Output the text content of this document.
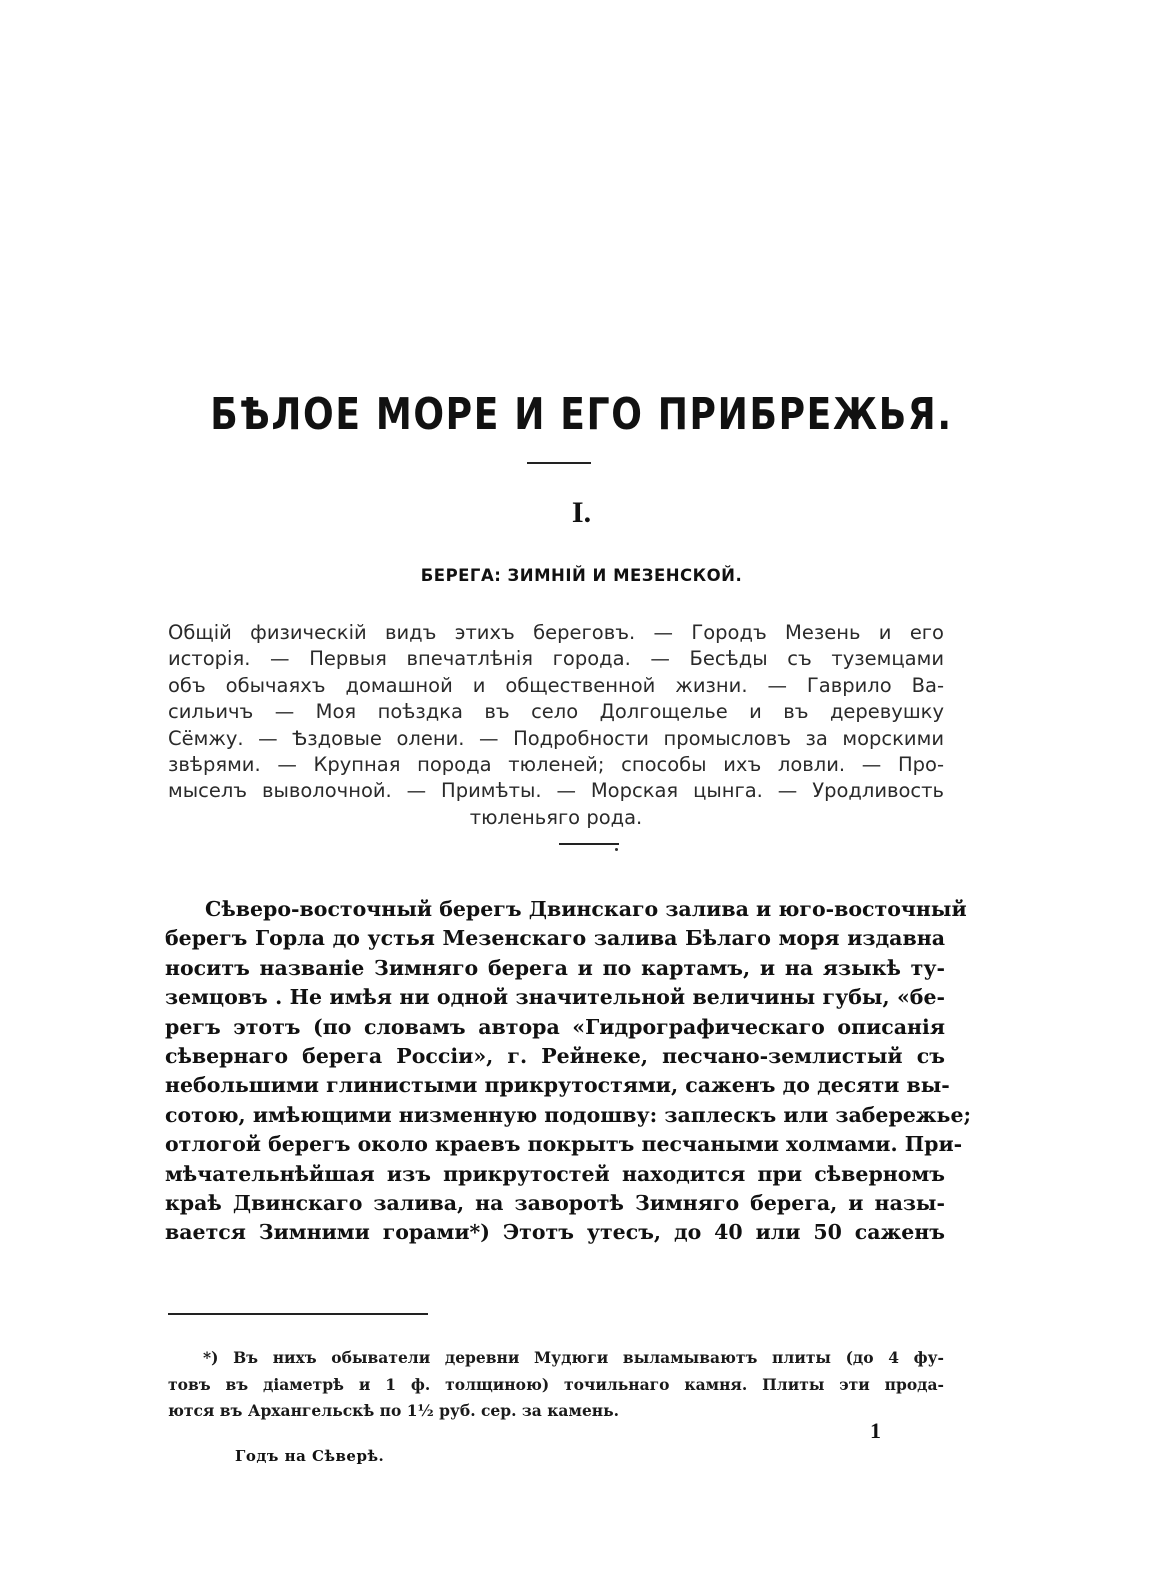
БѢЛОЕ МОРЕ И ЕГО ПРИБРЕЖЬЯ.
I.
БЕРЕГА: ЗИМНІЙ И МЕЗЕНСКОЙ.
Общій физическій видъ этихъ береговъ. — Городъ Мезень и его
исторія. — Первыя впечатлѣнія города. — Бесѣды съ туземцами
объ обычаяхъ домашной и общественной жизни. — Гаврило Ва-
сильичъ — Моя поѣздка въ село Долгощелье и въ деревушку
Сёмжу. — Ѣздовые олени. — Подробности промысловъ за морскими
звѣрями. — Крупная порода тюленей; способы ихъ ловли. — Про-
мыселъ выволочной. — Примѣты. — Морская цынга. — Уродливость
тюленьяго рода.
Сѣверо-восточный берегъ Двинскаго залива и юго-восточный
берегъ Горла до устья Мезенскаго залива Бѣлаго моря издавна
носитъ названіе Зимняго берега и по картамъ, и на языкѣ ту-
земцовъ . Не имѣя ни одной значительной величины губы, «бе-
регъ этотъ (по словамъ автора «Гидрографическаго описанія
сѣвернаго берега Россіи», г. Рейнеке, песчано-землистый съ
небольшими глинистыми прикрутостями, саженъ до десяти вы-
сотою, имѣющими низменную подошву: заплескъ или забережье;
отлогой берегъ около краевъ покрытъ песчаными холмами. При-
мѣчательнѣйшая изъ прикрутостей находится при сѣверномъ
краѣ Двинскаго залива, на заворотѣ Зимняго берега, и назы-
вается Зимними горами*) Этотъ утесъ, до 40 или 50 саженъ
*) Въ нихъ обыватели деревни Мудюги выламываютъ плиты (до 4 фу-
товъ въ діаметрѣ и 1 ф. толщиною) точильнаго камня. Плиты эти прода-
ются въ Архангельскѣ по 1½ руб. сер. за камень.
Годъ на Сѣверѣ.
1
